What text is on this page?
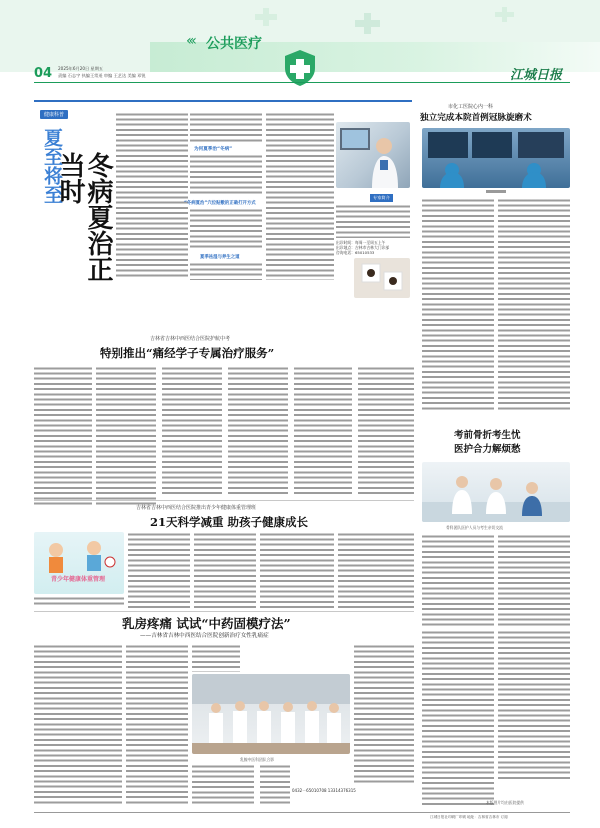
‹‹‹ 公共医疗
04 2025年6月20日 星期五
责编 石志宇 执编王常遥 审编 王艺达 美编 邓锐	江城日报
健康科普
夏至将至 冬病夏治正当时
为何夏季治“冬病”
“冬病夏治”穴位贴敷的正确打开方式
夏季祛湿与养生之道
专家简介
出诊时间：每周一至周五上午
出诊地点：吉林市吉林大门诊部
咨询电话：65010533
市化工医院心内一科
独立完成本院首例冠脉旋磨术
吉林省吉林中西医结合医院护航中考
特别推出“痛经学子专属治疗服务”
考前骨折考生忧
医护合力解烦愁
骨科团队医护人员与考生亲切交流
本版图片均由医院提供
吉林省吉林中西医结合医院推出青少年健康体重管理班
21天科学减重 助孩子健康成长
青少年健康体重管理
乳房疼痛 试试“中药固模疗法”
——吉林省吉林中西医结合医院创新治疗女性乳痛症
乳腺中医科团队合影
0432－65010708 13314376315
江城日报社印刷厂印刷 地址：吉林省吉林市 订阅
